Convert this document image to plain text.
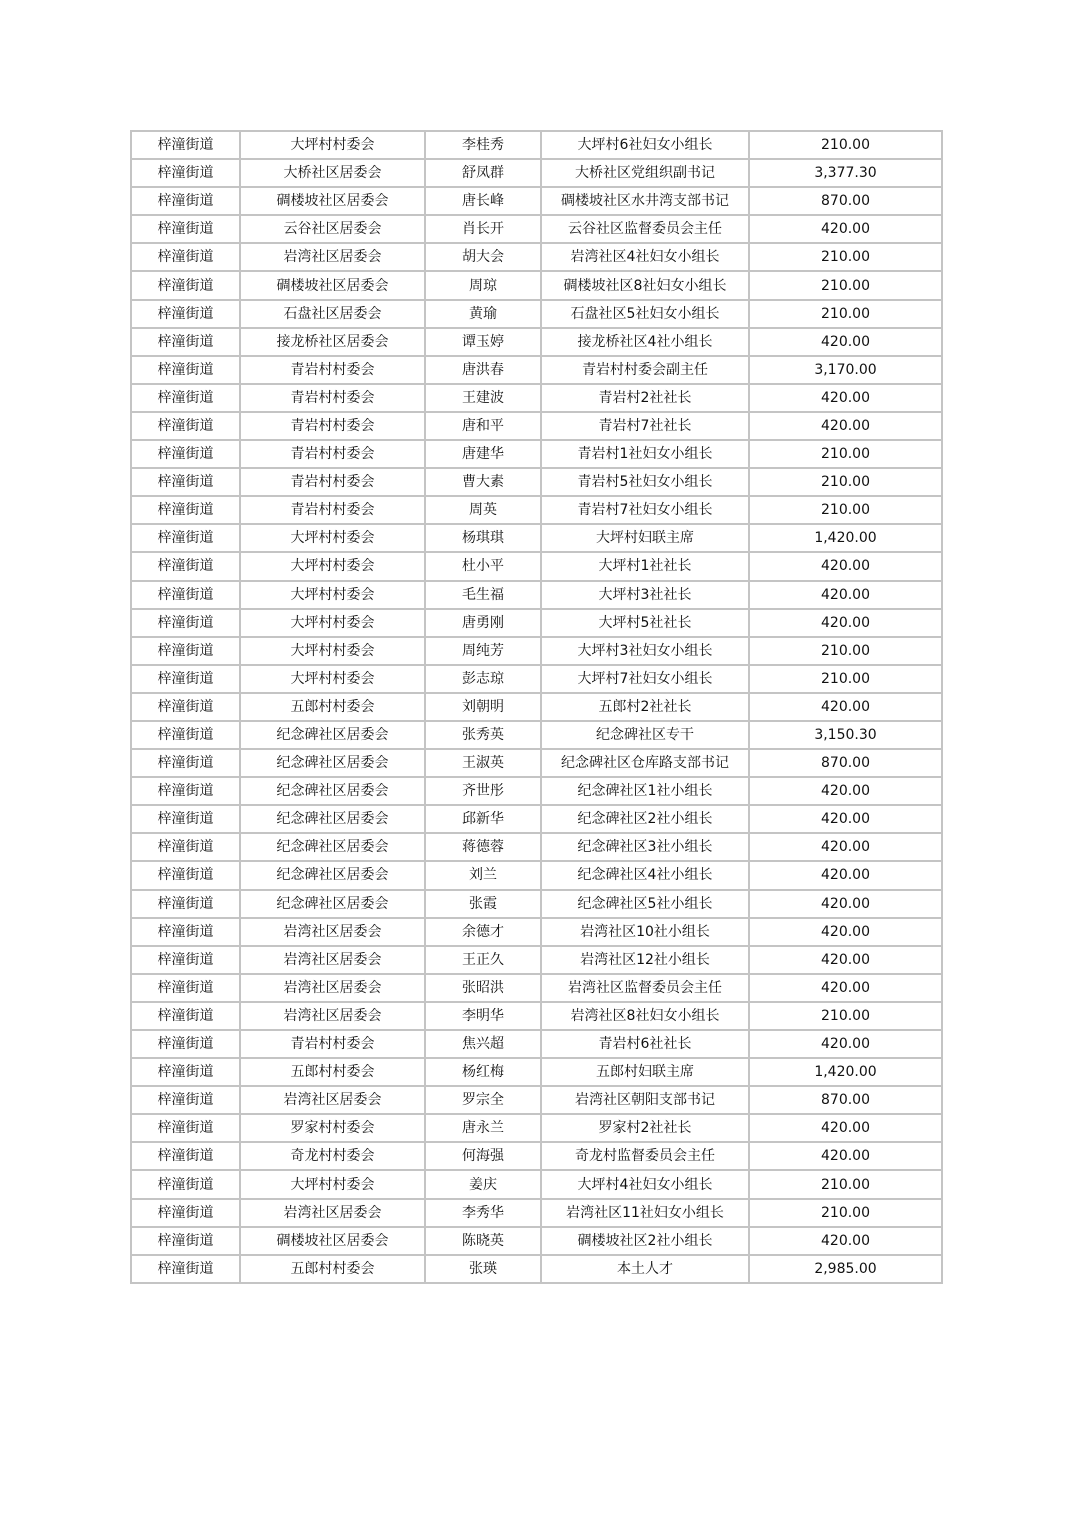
梓潼街道	大坪村村委会	李桂秀	大坪村6社妇女小组长	210.00
梓潼街道	大桥社区居委会	舒凤群	大桥社区党组织副书记	3,377.30
梓潼街道	碉楼坡社区居委会	唐长峰	碉楼坡社区水井湾支部书记	870.00
梓潼街道	云谷社区居委会	肖长开	云谷社区监督委员会主任	420.00
梓潼街道	岩湾社区居委会	胡大会	岩湾社区4社妇女小组长	210.00
梓潼街道	碉楼坡社区居委会	周琼	碉楼坡社区8社妇女小组长	210.00
梓潼街道	石盘社区居委会	黄瑜	石盘社区5社妇女小组长	210.00
梓潼街道	接龙桥社区居委会	谭玉婷	接龙桥社区4社小组长	420.00
梓潼街道	青岩村村委会	唐洪春	青岩村村委会副主任	3,170.00
梓潼街道	青岩村村委会	王建波	青岩村2社社长	420.00
梓潼街道	青岩村村委会	唐和平	青岩村7社社长	420.00
梓潼街道	青岩村村委会	唐建华	青岩村1社妇女小组长	210.00
梓潼街道	青岩村村委会	曹大素	青岩村5社妇女小组长	210.00
梓潼街道	青岩村村委会	周英	青岩村7社妇女小组长	210.00
梓潼街道	大坪村村委会	杨琪琪	大坪村妇联主席	1,420.00
梓潼街道	大坪村村委会	杜小平	大坪村1社社长	420.00
梓潼街道	大坪村村委会	毛生福	大坪村3社社长	420.00
梓潼街道	大坪村村委会	唐勇刚	大坪村5社社长	420.00
梓潼街道	大坪村村委会	周纯芳	大坪村3社妇女小组长	210.00
梓潼街道	大坪村村委会	彭志琼	大坪村7社妇女小组长	210.00
梓潼街道	五郎村村委会	刘朝明	五郎村2社社长	420.00
梓潼街道	纪念碑社区居委会	张秀英	纪念碑社区专干	3,150.30
梓潼街道	纪念碑社区居委会	王淑英	纪念碑社区仓库路支部书记	870.00
梓潼街道	纪念碑社区居委会	齐世彤	纪念碑社区1社小组长	420.00
梓潼街道	纪念碑社区居委会	邱新华	纪念碑社区2社小组长	420.00
梓潼街道	纪念碑社区居委会	蒋德蓉	纪念碑社区3社小组长	420.00
梓潼街道	纪念碑社区居委会	刘兰	纪念碑社区4社小组长	420.00
梓潼街道	纪念碑社区居委会	张霞	纪念碑社区5社小组长	420.00
梓潼街道	岩湾社区居委会	余德才	岩湾社区10社小组长	420.00
梓潼街道	岩湾社区居委会	王正久	岩湾社区12社小组长	420.00
梓潼街道	岩湾社区居委会	张昭洪	岩湾社区监督委员会主任	420.00
梓潼街道	岩湾社区居委会	李明华	岩湾社区8社妇女小组长	210.00
梓潼街道	青岩村村委会	焦兴超	青岩村6社社长	420.00
梓潼街道	五郎村村委会	杨红梅	五郎村妇联主席	1,420.00
梓潼街道	岩湾社区居委会	罗宗全	岩湾社区朝阳支部书记	870.00
梓潼街道	罗家村村委会	唐永兰	罗家村2社社长	420.00
梓潼街道	奇龙村村委会	何海强	奇龙村监督委员会主任	420.00
梓潼街道	大坪村村委会	姜庆	大坪村4社妇女小组长	210.00
梓潼街道	岩湾社区居委会	李秀华	岩湾社区11社妇女小组长	210.00
梓潼街道	碉楼坡社区居委会	陈晓英	碉楼坡社区2社小组长	420.00
梓潼街道	五郎村村委会	张瑛	本土人才	2,985.00
